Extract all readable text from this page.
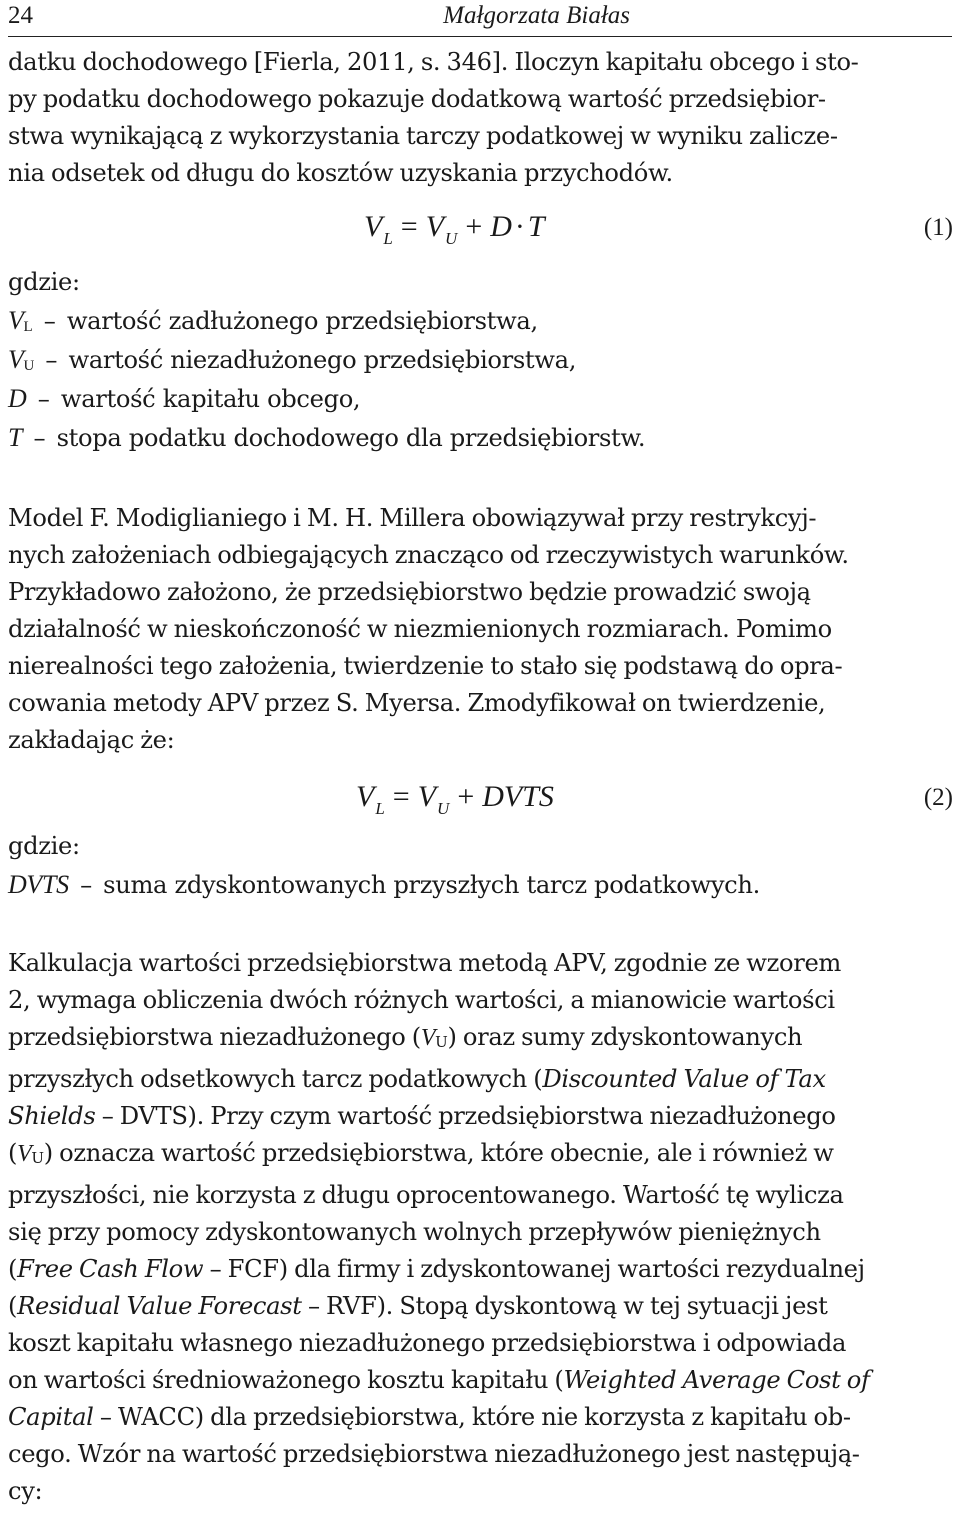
24	Małgorzata Białas

datku dochodowego [Fierla, 2011, s. 346]. Iloczyn kapitału obcego i sto-

py podatku dochodowego pokazuje dodatkową wartość przedsiębior-

stwa wynikającą z wykorzystania tarczy podatkowej w wyniku zalicze-

nia odsetek od długu do kosztów uzyskania przychodów.

$V_L = V_U + D \cdot T$	(1)
gdzie:
$V_L$ – wartość zadłużonego przedsiębiorstwa,
$V_U$ – wartość niezadłużonego przedsiębiorstwa,
D – wartość kapitału obcego,
T – stopa podatku dochodowego dla przedsiębiorstw.

Model F. Modiglianiego i M. H. Millera obowiązywał przy restrykcyj-

nych założeniach odbiegających znacząco od rzeczywistych warunków.

Przykładowo założono, że przedsiębiorstwo będzie prowadzić swoją

działalność w nieskończoność w niezmienionych rozmiarach. Pomimo

nierealności tego założenia, twierdzenie to stało się podstawą do opra-

cowania metody APV przez S. Myersa. Zmodyfikował on twierdzenie,

zakładając że:

$V_L = V_U$ + DVTS	(2)
gdzie:
DVTS – suma zdyskontowanych przyszłych tarcz podatkowych.

Kalkulacja wartości przedsiębiorstwa metodą APV, zgodnie ze wzorem

2, wymaga obliczenia dwóch różnych wartości, a mianowicie wartości

przedsiębiorstwa niezadłużonego (VU) oraz sumy zdyskontowanych

przyszłych odsetkowych tarcz podatkowych (Discounted Value of Tax

Shields – DVTS). Przy czym wartość przedsiębiorstwa niezadłużonego

(VU) oznacza wartość przedsiębiorstwa, które obecnie, ale i również w

przyszłości, nie korzysta z długu oprocentowanego. Wartość tę wylicza

się przy pomocy zdyskontowanych wolnych przepływów pieniężnych

(Free Cash Flow – FCF) dla firmy i zdyskontowanej wartości rezydualnej

(Residual Value Forecast – RVF). Stopą dyskontową w tej sytuacji jest

koszt kapitału własnego niezadłużonego przedsiębiorstwa i odpowiada

on wartości średnioważonego kosztu kapitału (Weighted Average Cost of

Capital – WACC) dla przedsiębiorstwa, które nie korzysta z kapitału ob-

cego. Wzór na wartość przedsiębiorstwa niezadłużonego jest następują-

cy:
